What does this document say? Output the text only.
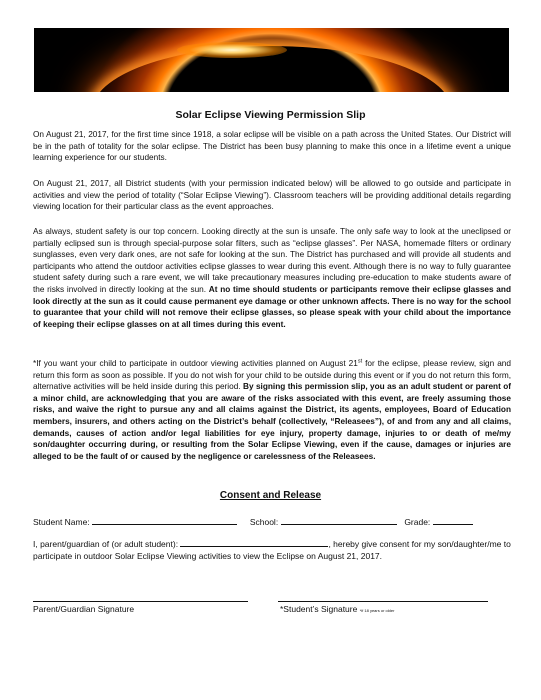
Solar Eclipse Viewing Permission Slip

On August 21, 2017, for the first time since 1918, a solar eclipse will be visible on a path across the United States. Our District will be in the path of totality for the solar eclipse. The District has been busy planning to make this once in a lifetime event a unique learning experience for our students.

On August 21, 2017, all District students (with your permission indicated below) will be allowed to go outside and participate in activities and view the period of totality (“Solar Eclipse Viewing”). Classroom teachers will be providing additional details regarding viewing location for their particular class as the event approaches.

As always, student safety is our top concern. Looking directly at the sun is unsafe. The only safe way to look at the uneclipsed or partially eclipsed sun is through special-purpose solar filters, such as “eclipse glasses”. Per NASA, homemade filters or ordinary sunglasses, even very dark ones, are not safe for looking at the sun. The District has purchased and will provide all students and participants who attend the outdoor activities eclipse glasses to wear during this event. Although there is no way to fully guarantee student safety during such a rare event, we will take precautionary measures including pre-education to make students aware of the risks involved in directly looking at the sun. At no time should students or participants remove their eclipse glasses and look directly at the sun as it could cause permanent eye damage or other unknown affects. There is no way for the school to guarantee that your child will not remove their eclipse glasses, so please speak with your child about the importance of keeping their eclipse glasses on at all times during this event.

*If you want your child to participate in outdoor viewing activities planned on August 21st for the eclipse, please review, sign and return this form as soon as possible. If you do not wish for your child to be outside during this event or if you do not return this form, alternative activities will be held inside during this period. By signing this permission slip, you as an adult student or parent of a minor child, are acknowledging that you are aware of the risks associated with this event, are freely assuming those risks, and waive the right to pursue any and all claims against the District, its agents, employees, Board of Education members, insurers, and others acting on the District’s behalf (collectively, “Releasees”), of and from any and all claims, demands, causes of action and/or legal liabilities for eye injury, property damage, injuries to or death of me/my son/daughter occurring during, or resulting from the Solar Eclipse Viewing, even if the cause, damages or injuries are alleged to be the fault of or caused by the negligence or carelessness of the Releasees.

Consent and Release
Student Name:	School:	Grade:
I, parent/guardian of (or adult student):	, hereby give consent for my son/daughter/me to participate in outdoor Solar Eclipse Viewing activities to view the Eclipse on August 21, 2017.
Parent/Guardian Signature	*Student’s Signature *if 18 years or older
